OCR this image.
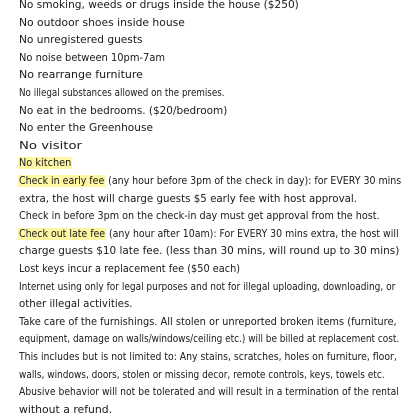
No smoking, weeds or drugs inside the house ($250)
No outdoor shoes inside house
No unregistered guests
No noise between 10pm-7am
No rearrange furniture
No illegal substances allowed on the premises.
No eat in the bedrooms. ($20/bedroom)
No enter the Greenhouse
No visitor
No kitchen
Check in early fee (any hour before 3pm of the check in day): for EVERY 30 mins
extra, the host will charge guests $5 early fee with host approval.
Check in before 3pm on the check-in day must get approval from the host.
Check out late fee (any hour after 10am): For EVERY 30 mins extra, the host will
charge guests $10 late fee. (less than 30 mins, will round up to 30 mins)
Lost keys incur a replacement fee ($50 each)
Internet using only for legal purposes and not for illegal uploading, downloading, or
other illegal activities.
Take care of the furnishings. All stolen or unreported broken items (furniture,
equipment, damage on walls/windows/ceiling etc.) will be billed at replacement cost.
This includes but is not limited to: Any stains, scratches, holes on furniture, floor,
walls, windows, doors, stolen or missing decor, remote controls, keys, towels etc.
Abusive behavior will not be tolerated and will result in a termination of the rental
without a refund.
